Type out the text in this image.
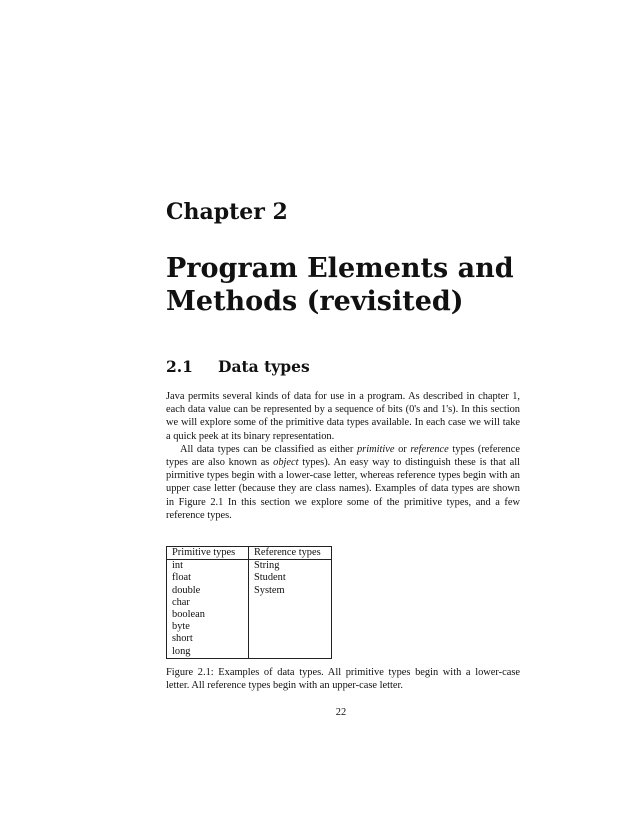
Chapter 2
Program Elements and
Methods (revisited)
2.1 Data types

Java permits several kinds of data for use in a program. As described in chapter 1, each data value can be represented by a sequence of bits (0's and 1's). In this section we will explore some of the primitive data types available. In each case we will take a quick peek at its binary representation.

All data types can be classified as either primitive or reference types (reference types are also known as object types). An easy way to distinguish these is that all pirmitive types begin with a lower-case letter, whereas reference types begin with an upper case letter (because they are class names). Examples of data types are shown in Figure 2.1 In this section we explore some of the primitive types, and a few reference types.

Primitive types	Reference types
int	String
float	Student
double	System
char	
boolean	
byte	
short	
long	

Figure 2.1: Examples of data types. All primitive types begin with a lower-case letter. All reference types begin with an upper-case letter.

22
